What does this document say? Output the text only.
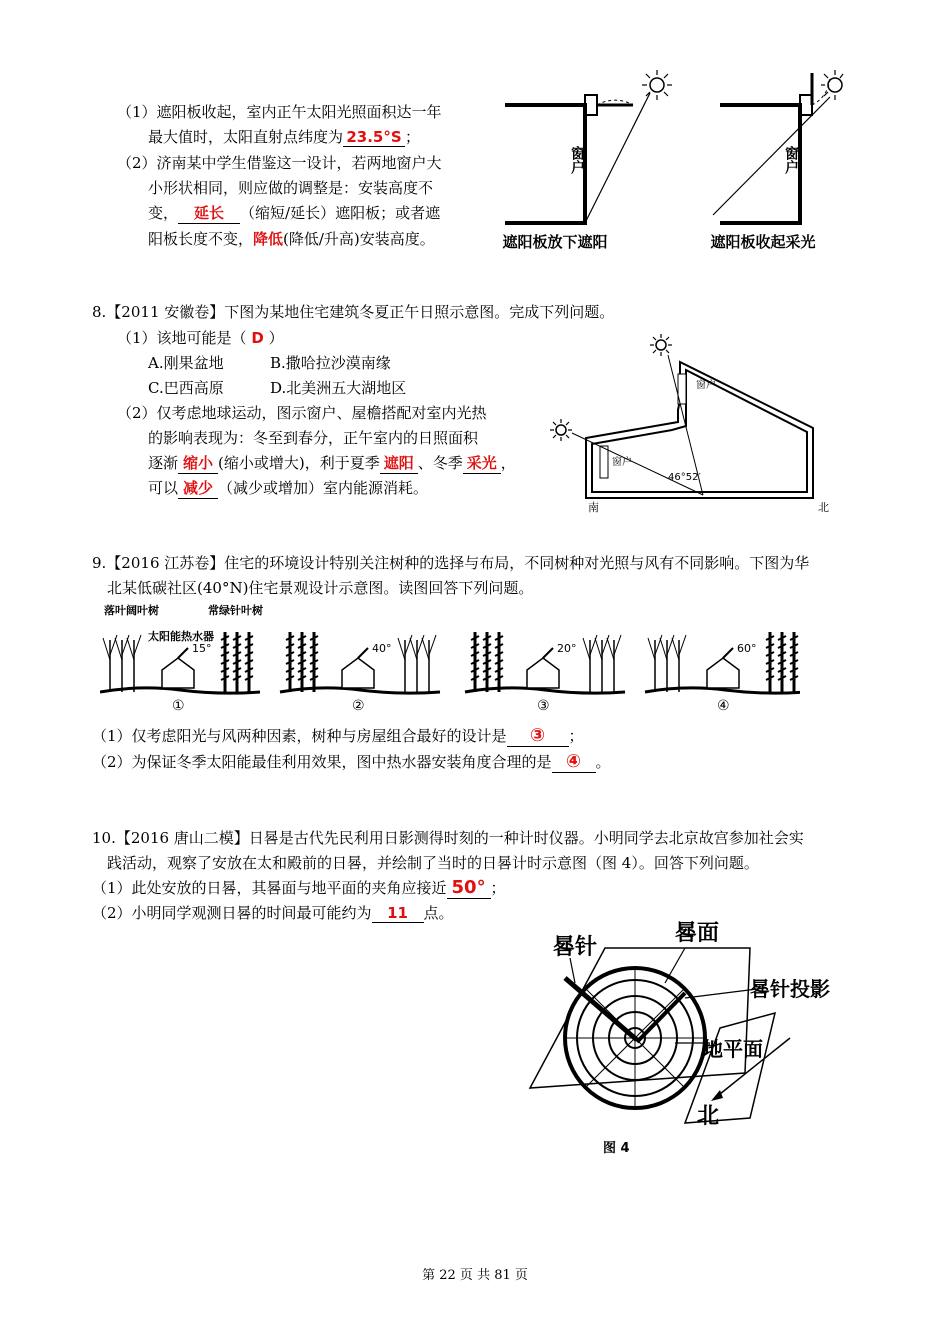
（1）遮阳板收起，室内正午太阳光照面积达一年
最大值时，太阳直射点纬度为 23.5°S ；
（2）济南某中学生借鉴这一设计，若两地窗户大
小形状相同，则应做的调整是：安装高度不
变， 延长 （缩短/延长）遮阳板；或者遮
阳板长度不变，降低(降低/升高)安装高度。
窗户
遮阳板放下遮阳
窗户
遮阳板收起采光
8.【2011 安徽卷】下图为某地住宅建筑冬夏正午日照示意图。完成下列问题。
（1）该地可能是（ D ）
A.刚果盆地	B.撒哈拉沙漠南缘
C.巴西高原	D.北美洲五大湖地区
（2）仅考虑地球运动，图示窗户、屋檐搭配对室内光热
的影响表现为：冬至到春分，正午室内的日照面积
逐渐 缩小 (缩小或增大)，利于夏季 遮阳 、冬季 采光 ，
可以 减少 （减少或增加）室内能源消耗。
窗户
窗户
46°52′
南	北
9.【2016 江苏卷】住宅的环境设计特别关注树种的选择与布局，不同树种对光照与风有不同影响。下图为华
北某低碳社区(40°N)住宅景观设计示意图。读图回答下列问题。
落叶阔叶树	常绿针叶树
太阳能热水器
15°
①
40°
②
20°
③
60°
④
（1）仅考虑阳光与风两种因素，树种与房屋组合最好的设计是 ③ ；
（2）为保证冬季太阳能最佳利用效果，图中热水器安装角度合理的是 ④ 。
10.【2016 唐山二模】日晷是古代先民利用日影测得时刻的一种计时仪器。小明同学去北京故宫参加社会实
践活动，观察了安放在太和殿前的日晷，并绘制了当时的日晷计时示意图（图 4）。回答下列问题。
（1）此处安放的日晷，其晷面与地平面的夹角应接近 50° ；
（2）小明同学观测日晷的时间最可能约为 11 点。
晷针
晷面
晷针投影
地平面
北
图 4
第 22 页 共 81 页
